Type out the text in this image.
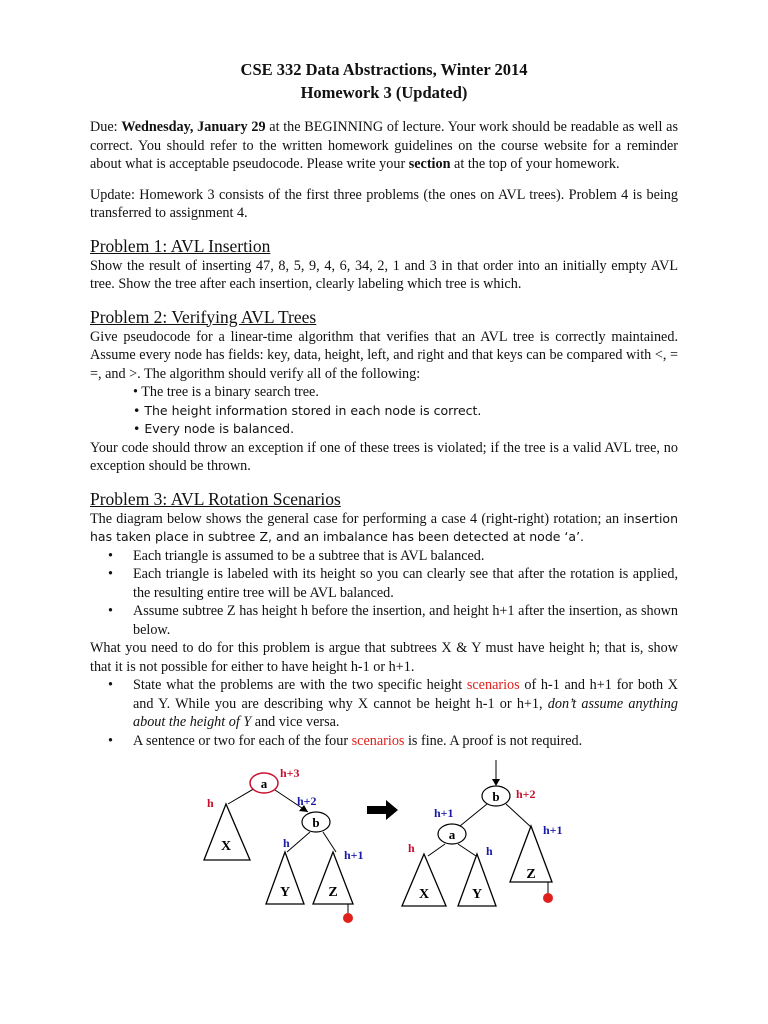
CSE 332 Data Abstractions, Winter 2014
Homework 3 (Updated)

Due: Wednesday, January 29 at the BEGINNING of lecture. Your work should be readable as well as correct. You should refer to the written homework guidelines on the course website for a reminder about what is acceptable pseudocode. Please write your section at the top of your homework.

Update: Homework 3 consists of the first three problems (the ones on AVL trees). Problem 4 is being transferred to assignment 4.

Problem 1: AVL Insertion

Show the result of inserting 47, 8, 5, 9, 4, 6, 34, 2, 1 and 3 in that order into an initially empty AVL tree. Show the tree after each insertion, clearly labeling which tree is which.

Problem 2: Verifying AVL Trees

Give pseudocode for a linear-time algorithm that verifies that an AVL tree is correctly maintained. Assume every node has fields: key, data, height, left, and right and that keys can be compared with <, = =, and >. The algorithm should verify all of the following:

• The tree is a binary search tree.
• The height information stored in each node is correct.
• Every node is balanced.

Your code should throw an exception if one of these trees is violated; if the tree is a valid AVL tree, no exception should be thrown.

Problem 3: AVL Rotation Scenarios

The diagram below shows the general case for performing a case 4 (right-right) rotation; an insertion has taken place in subtree Z, and an imbalance has been detected at node ‘a’.

• Each triangle is assumed to be a subtree that is AVL balanced.
• Each triangle is labeled with its height so you can clearly see that after the rotation is applied, the resulting entire tree will be AVL balanced.
• Assume subtree Z has height h before the insertion, and height h+1 after the insertion, as shown below.

What you need to do for this problem is argue that subtrees X & Y must have height h; that is, show that it is not possible for either to have height h-1 or h+1.

• State what the problems are with the two specific height scenarios of h-1 and h+1 for both X and Y. While you are describing why X cannot be height h-1 or h+1, don’t assume anything about the height of Y and vice versa.
• A sentence or two for each of the four scenarios is fine. A proof is not required.
a
h+3
h	h+2
X
b
h
h+1
Y	Z
b h+2
h+1
h+1
a
h	h
X	Y
Z
